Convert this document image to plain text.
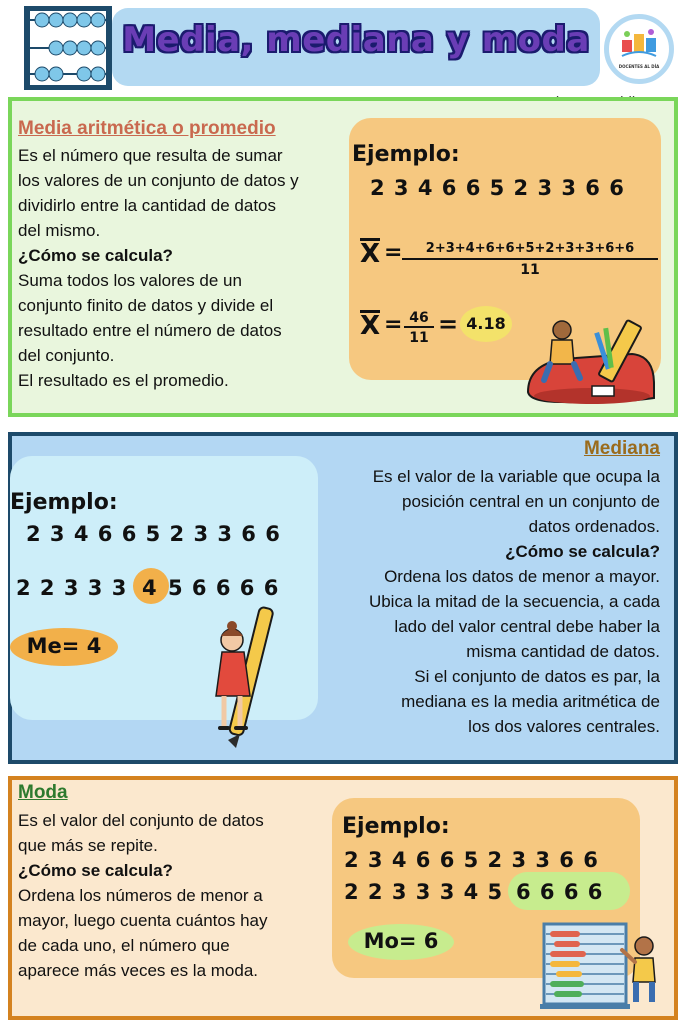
Media, mediana y moda
DOCENTES AL DÍA
Media aritmética o promedio
Es el número que resulta de sumar
los valores de un conjunto de datos y
dividirlo entre la cantidad de datos
del mismo.
¿Cómo se calcula?
Suma todos los valores de un
conjunto finito de datos y divide el
resultado entre el número de datos
del conjunto.
El resultado es el promedio.
Ejemplo:
2 3 4 6 6 5 2 3 3 6 6
X =	2+3+4+6+6+5+2+3+3+6+6
11
X = 46
11 = 4.18
Ejemplo:
2 3 4 6 6 5 2 3 3 6 6
2 2 3 3 3 4 5 6 6 6 6
Me= 4
Mediana
Es el valor de la variable que ocupa la
posición central en un conjunto de
datos ordenados.
¿Cómo se calcula?
Ordena los datos de menor a mayor.
Ubica la mitad de la secuencia, a cada
lado del valor central debe haber la
misma cantidad de datos.
Si el conjunto de datos es par, la
mediana es la media aritmética de
los dos valores centrales.
Moda
Es el valor del conjunto de datos
que más se repite.
¿Cómo se calcula?
Ordena los números de menor a
mayor, luego cuenta cuántos hay
de cada uno, el número que
aparece más veces es la moda.
Ejemplo:
2 3 4 6 6 5 2 3 3 6 6
2 2 3 3 3 4 5 6 6 6 6
Mo= 6
